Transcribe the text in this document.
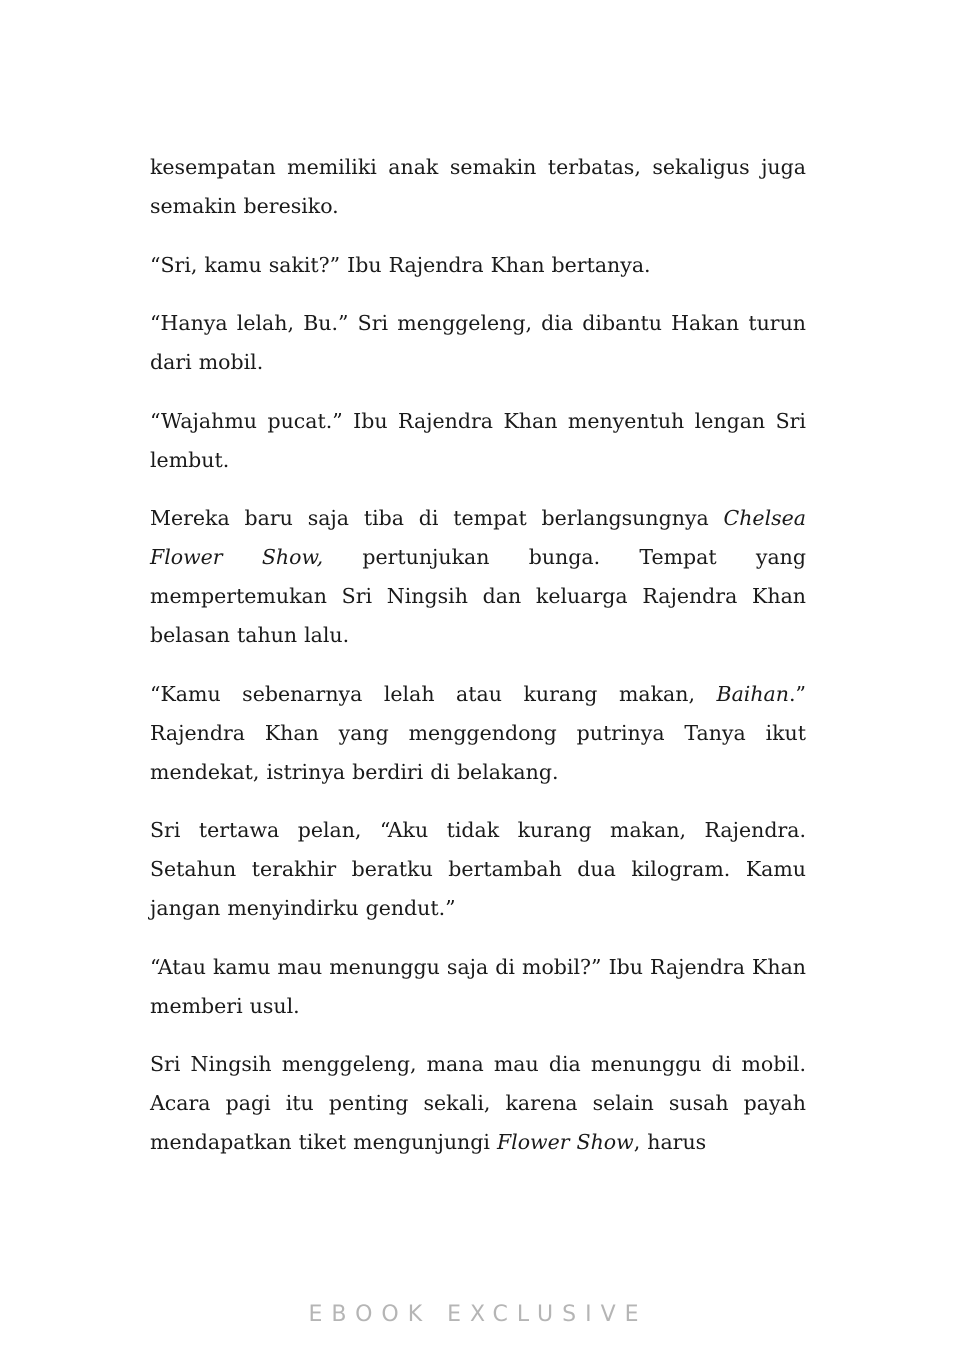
kesempatan memiliki anak semakin terbatas, sekaligus juga semakin beresiko.

“Sri, kamu sakit?” Ibu Rajendra Khan bertanya.

“Hanya lelah, Bu.” Sri menggeleng, dia dibantu Hakan turun dari mobil.

“Wajahmu pucat.” Ibu Rajendra Khan menyentuh lengan Sri lembut.

Mereka baru saja tiba di tempat berlangsungnya Chelsea Flower Show, pertunjukan bunga. Tempat yang mempertemukan Sri Ningsih dan keluarga Rajendra Khan belasan tahun lalu.

“Kamu sebenarnya lelah atau kurang makan, Baihan.” Rajendra Khan yang menggendong putrinya Tanya ikut mendekat, istrinya berdiri di belakang.

Sri tertawa pelan, “Aku tidak kurang makan, Rajendra. Setahun terakhir beratku bertambah dua kilogram. Kamu jangan menyindirku gendut.”

“Atau kamu mau menunggu saja di mobil?” Ibu Rajendra Khan memberi usul.

Sri Ningsih menggeleng, mana mau dia menunggu di mobil. Acara pagi itu penting sekali, karena selain susah payah mendapatkan tiket mengunjungi Flower Show, harus

EBOOK EXCLUSIVE
